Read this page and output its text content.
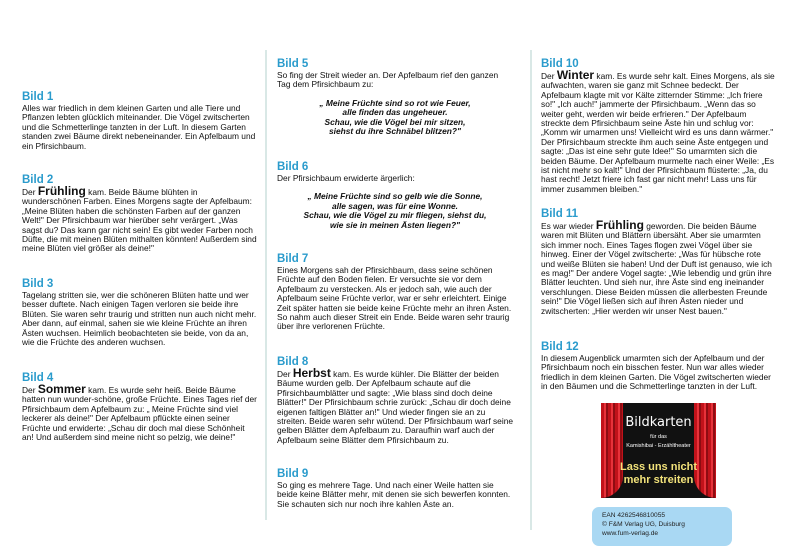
Bild 1

Alles war friedlich in dem kleinen Garten und alle Tiere und Pflanzen lebten glücklich miteinander. Die Vögel zwitscherten und die Schmetterlinge tanzten in der Luft. In diesem Garten standen zwei Bäume direkt nebeneinander. Ein Apfelbaum und ein Pfirsichbaum.

Bild 2

Der Frühling kam. Beide Bäume blühten in wunderschönen Farben. Eines Morgens sagte der Apfelbaum: „Meine Blüten haben die schönsten Farben auf der ganzen Welt!" Der Pfirsichbaum war hierüber sehr verärgert. „Was sagst du? Das kann gar nicht sein! Es gibt weder Farben noch Düfte, die mit meinen Blüten mithalten könnten! Außerdem sind meine Blüten viel größer als deine!"

Bild 3

Tagelang stritten sie, wer die schöneren Blüten hatte und wer besser duftete. Nach einigen Tagen verloren sie beide ihre Blüten. Sie waren sehr traurig und stritten nun auch nicht mehr. Aber dann, auf einmal, sahen sie wie kleine Früchte an ihren Ästen wuchsen. Heimlich beobachteten sie beide, von da an, wie die Früchte des anderen wuchsen.

Bild 4

Der Sommer kam. Es wurde sehr heiß. Beide Bäume hatten nun wunder-schöne, große Früchte. Eines Tages rief der Pfirsichbaum dem Apfelbaum zu: „ Meine Früchte sind viel leckerer als deine!" Der Apfelbaum pflückte einen seiner Früchte und erwiderte: „Schau dir doch mal diese Schönheit an! Und außerdem sind meine nicht so pelzig, wie deine!"

Bild 5

So fing der Streit wieder an. Der Apfelbaum rief den ganzen Tag dem Pfirsichbaum zu:

„ Meine Früchte sind so rot wie Feuer,
alle finden das ungeheuer.
Schau, wie die Vögel bei mir sitzen,
siehst du ihre Schnäbel blitzen?"

Bild 6

Der Pfirsichbaum erwiderte ärgerlich:

„ Meine Früchte sind so gelb wie die Sonne,
alle sagen, was für eine Wonne.
Schau, wie die Vögel zu mir fliegen, siehst du,
wie sie in meinen Ästen liegen?"

Bild 7

Eines Morgens sah der Pfirsichbaum, dass seine schönen Früchte auf den Boden fielen. Er versuchte sie vor dem Apfelbaum zu verstecken. Als er jedoch sah, wie auch der Apfelbaum seine Früchte verlor, war er sehr erleichtert. Einige Zeit später hatten sie beide keine Früchte mehr an ihren Ästen. So nahm auch dieser Streit ein Ende. Beide waren sehr traurig über ihre verlorenen Früchte.

Bild 8

Der Herbst kam. Es wurde kühler. Die Blätter der beiden Bäume wurden gelb. Der Apfelbaum schaute auf die Pfirsichbaumblätter und sagte: „Wie blass sind doch deine Blätter!" Der Pfirsichbaum schrie zurück: „Schau dir doch deine eigenen faltigen Blätter an!" Und wieder fingen sie an zu streiten. Beide waren sehr wütend. Der Pfirsichbaum warf seine gelben Blätter dem Apfelbaum zu. Daraufhin warf auch der Apfelbaum seine Blätter dem Pfirsichbaum zu.

Bild 9

So ging es mehrere Tage. Und nach einer Weile hatten sie beide keine Blätter mehr, mit denen sie sich bewerfen konnten. Sie schauten sich nur noch ihre kahlen Äste an.

Bild 10

Der Winter kam. Es wurde sehr kalt. Eines Morgens, als sie aufwachten, waren sie ganz mit Schnee bedeckt. Der Apfelbaum klagte mit vor Kälte zitternder Stimme: „Ich friere so!" „Ich auch!" jammerte der Pfirsichbaum. „Wenn das so weiter geht, werden wir beide erfrieren." Der Apfelbaum streckte dem Pfirsichbaum seine Äste hin und schlug vor: „Komm wir umarmen uns! Vielleicht wird es uns dann wärmer." Der Pfirsichbaum streckte ihm auch seine Äste entgegen und sagte: „Das ist eine sehr gute Idee!" So umarmten sich die beiden Bäume. Der Apfelbaum murmelte nach einer Weile: „Es ist nicht mehr so kalt!" Und der Pfirsichbaum flüsterte: „Ja, du hast recht! Jetzt friere ich fast gar nicht mehr! Lass uns für immer zusammen bleiben."

Bild 11

Es war wieder Frühling geworden. Die beiden Bäume waren mit Blüten und Blättern übersäht. Aber sie umarmten sich immer noch. Eines Tages flogen zwei Vögel über sie hinweg. Einer der Vögel zwitscherte: „Was für hübsche rote und weiße Blüten sie haben! Und der Duft ist genauso, wie ich es mag!" Der andere Vogel sagte: „Wie lebendig und grün ihre Blätter leuchten. Und sieh nur, ihre Äste sind eng ineinander verschlungen. Diese Beiden müssen die allerbesten Freunde sein!" Die Vögel ließen sich auf ihren Ästen nieder und zwitscherten: „Hier werden wir unser Nest bauen."

Bild 12

In diesem Augenblick umarmten sich der Apfelbaum und der Pfirsichbaum noch ein bisschen fester. Nun war alles wieder friedlich in dem kleinen Garten. Die Vögel zwitscherten wieder in den Bäumen und die Schmetterlinge tanzten in der Luft.

Bildkarten
für das
Kamishibai - Erzähltheater
Lass uns nicht
mehr streiten
EAN 4262546810055
© F&M Verlag UG, Duisburg
www.fum-verlag.de
